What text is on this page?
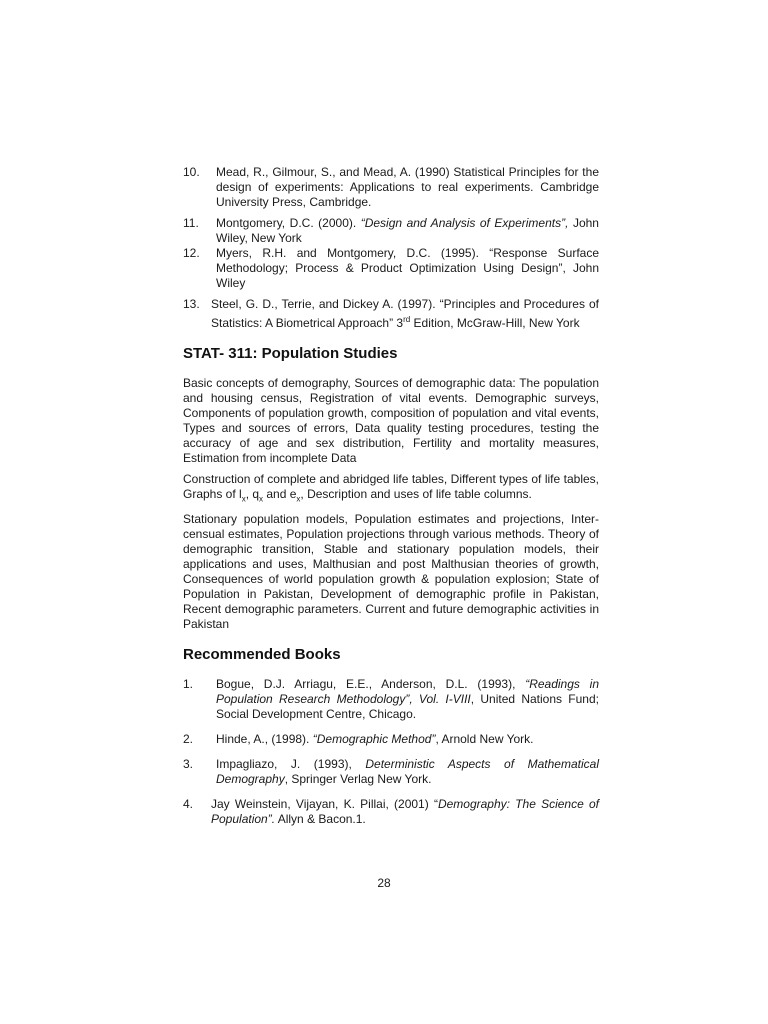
10. Mead, R., Gilmour, S., and Mead, A. (1990) Statistical Principles for the design of experiments: Applications to real experiments. Cambridge University Press, Cambridge.

11. Montgomery, D.C. (2000). “Design and Analysis of Experiments”, John Wiley, New York

12. Myers, R.H. and Montgomery, D.C. (1995). “Response Surface Methodology; Process & Product Optimization Using Design”, John Wiley

13. Steel, G. D., Terrie, and Dickey A. (1997). “Principles and Procedures of Statistics: A Biometrical Approach” 3rd Edition, McGraw-Hill, New York

STAT- 311: Population Studies

Basic concepts of demography, Sources of demographic data: The population and housing census, Registration of vital events. Demographic surveys, Components of population growth, composition of population and vital events, Types and sources of errors, Data quality testing procedures, testing the accuracy of age and sex distribution, Fertility and mortality measures, Estimation from incomplete Data

Construction of complete and abridged life tables, Different types of life tables, Graphs of $l_x$, $q_x$ and $e_x$, Description and uses of life table columns.

Stationary population models, Population estimates and projections, Inter-censual estimates, Population projections through various methods. Theory of demographic transition, Stable and stationary population models, their applications and uses, Malthusian and post Malthusian theories of growth, Consequences of world population growth & population explosion; State of Population in Pakistan, Development of demographic profile in Pakistan, Recent demographic parameters. Current and future demographic activities in Pakistan

Recommended Books

1. Bogue, D.J. Arriagu, E.E., Anderson, D.L. (1993), “Readings in Population Research Methodology”, Vol. I-VIII, United Nations Fund; Social Development Centre, Chicago.

2. Hinde, A., (1998). “Demographic Method”, Arnold New York.

3. Impagliazo, J. (1993), Deterministic Aspects of Mathematical Demography, Springer Verlag New York.

4. Jay Weinstein, Vijayan, K. Pillai, (2001) “Demography: The Science of Population”. Allyn & Bacon.1.

28
